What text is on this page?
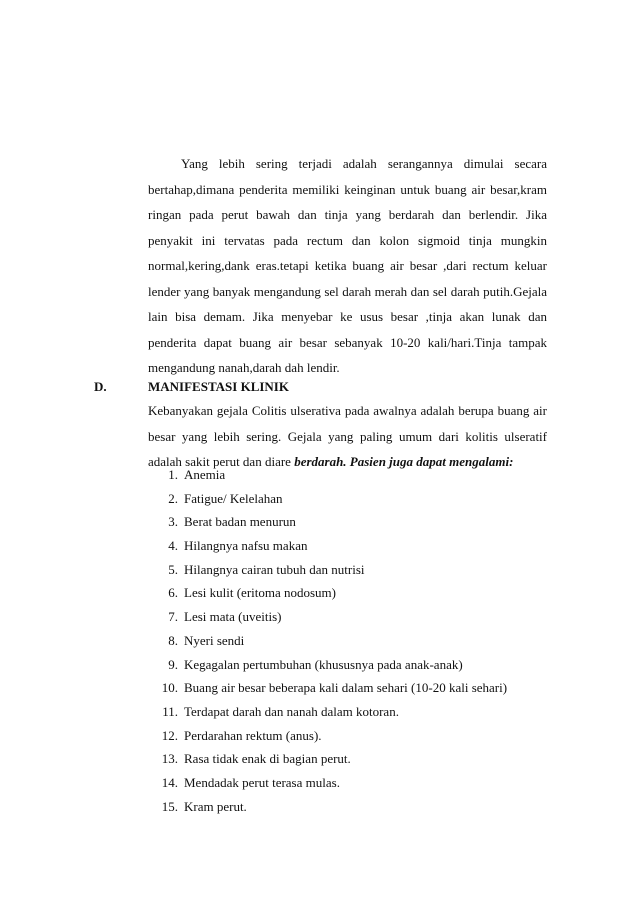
Yang lebih sering terjadi adalah serangannya dimulai secara
bertahap,dimana penderita memiliki keinginan untuk buang air besar,kram
ringan pada perut bawah dan tinja yang berdarah dan berlendir. Jika
penyakit ini tervatas pada rectum dan kolon sigmoid tinja mungkin
normal,kering,dank eras.tetapi ketika buang air besar ,dari rectum keluar
lender yang banyak mengandung sel darah merah dan sel darah putih.Gejala
lain bisa demam. Jika menyebar ke usus besar ,tinja akan lunak dan
penderita dapat buang air besar sebanyak 10-20 kali/hari.Tinja tampak
mengandung nanah,darah dah lendir.
D.	MANIFESTASI KLINIK
Kebanyakan gejala Colitis ulserativa pada awalnya adalah berupa buang air
besar yang lebih sering. Gejala yang paling umum dari kolitis ulseratif
adalah sakit perut dan diare berdarah. Pasien juga dapat mengalami:
1. Anemia
2. Fatigue/ Kelelahan
3. Berat badan menurun
4. Hilangnya nafsu makan
5. Hilangnya cairan tubuh dan nutrisi
6. Lesi kulit (eritoma nodosum)
7. Lesi mata (uveitis)
8. Nyeri sendi
9. Kegagalan pertumbuhan (khususnya pada anak-anak)
10. Buang air besar beberapa kali dalam sehari (10-20 kali sehari)
11. Terdapat darah dan nanah dalam kotoran.
12. Perdarahan rektum (anus).
13. Rasa tidak enak di bagian perut.
14. Mendadak perut terasa mulas.
15. Kram perut.
